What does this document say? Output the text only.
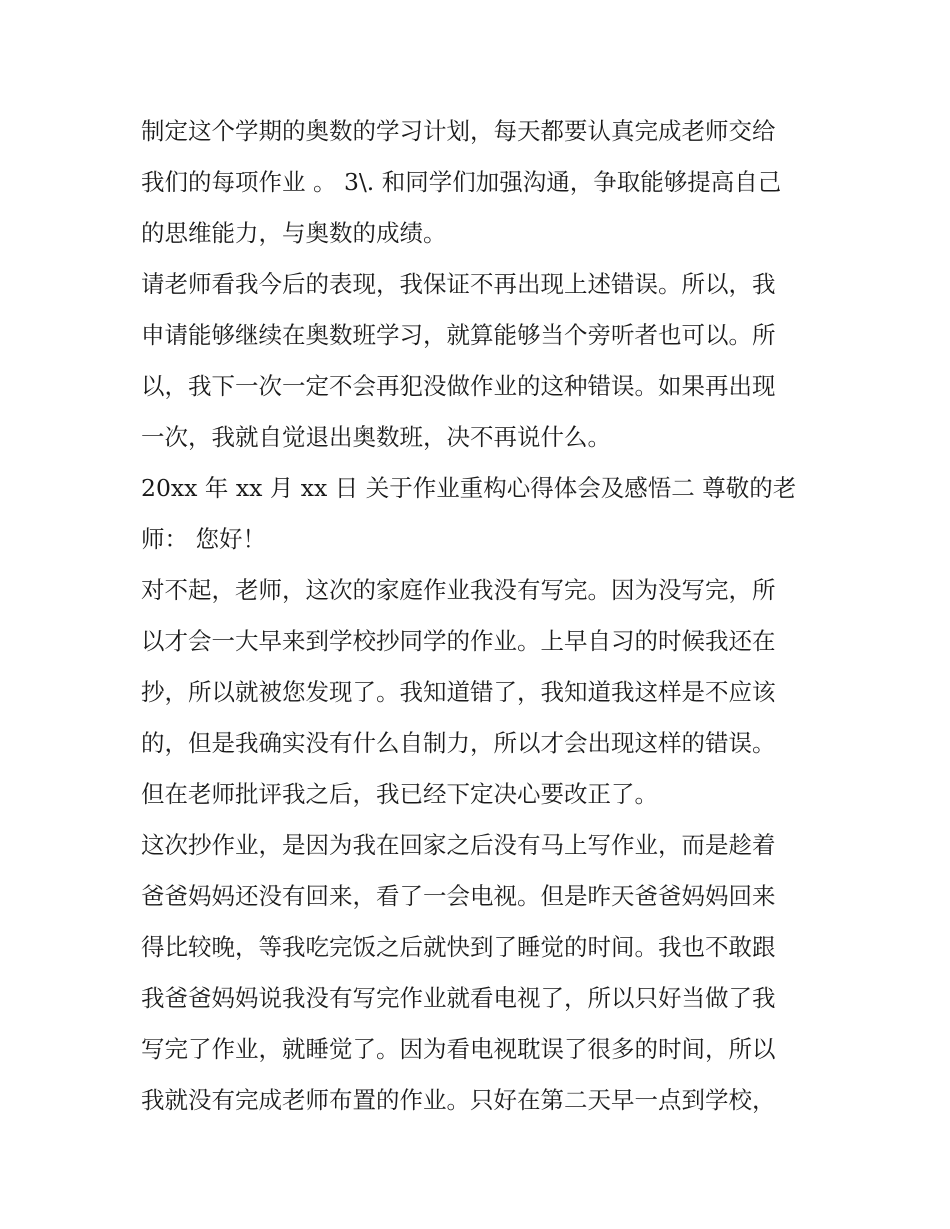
制定这个学期的奥数的学习计划，每天都要认真完成老师交给
我们的每项作业 。 3\. 和同学们加强沟通，争取能够提高自己
的思维能力，与奥数的成绩。
请老师看我今后的表现，我保证不再出现上述错误。所以，我
申请能够继续在奥数班学习，就算能够当个旁听者也可以。所
以，我下一次一定不会再犯没做作业的这种错误。如果再出现
一次，我就自觉退出奥数班，决不再说什么。
20xx 年 xx 月 xx 日 关于作业重构心得体会及感悟二 尊敬的老
师： 您好！
对不起，老师，这次的家庭作业我没有写完。因为没写完，所
以才会一大早来到学校抄同学的作业。上早自习的时候我还在
抄，所以就被您发现了。我知道错了，我知道我这样是不应该
的，但是我确实没有什么自制力，所以才会出现这样的错误。
但在老师批评我之后，我已经下定决心要改正了。
这次抄作业，是因为我在回家之后没有马上写作业，而是趁着
爸爸妈妈还没有回来，看了一会电视。但是昨天爸爸妈妈回来
得比较晚，等我吃完饭之后就快到了睡觉的时间。我也不敢跟
我爸爸妈妈说我没有写完作业就看电视了，所以只好当做了我
写完了作业，就睡觉了。因为看电视耽误了很多的时间，所以
我就没有完成老师布置的作业。只好在第二天早一点到学校，
